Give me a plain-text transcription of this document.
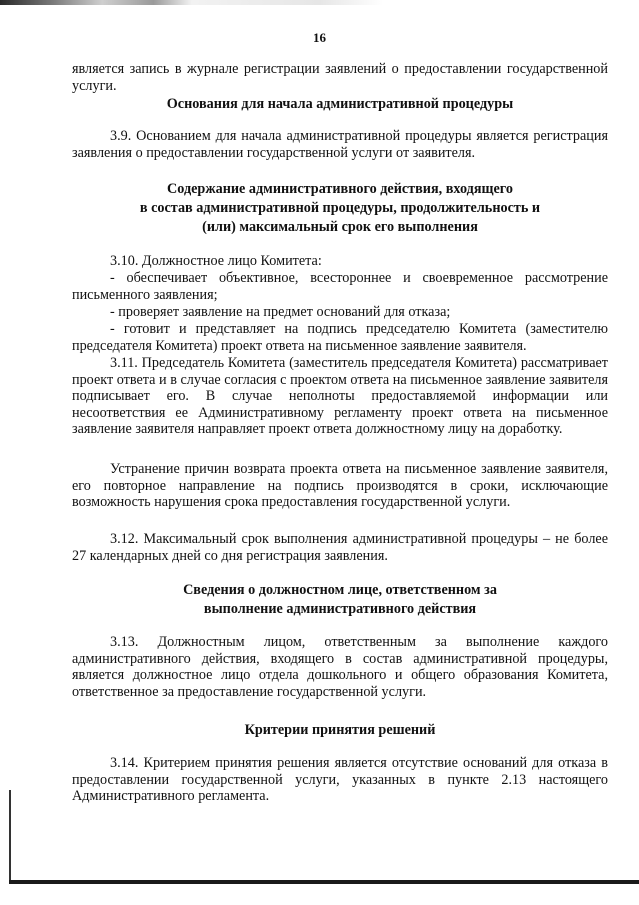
16
является запись в журнале регистрации заявлений о предоставлении государственной услуги.
Основания для начала административной процедуры
3.9. Основанием для начала административной процедуры является регистрация заявления о предоставлении государственной услуги от заявителя.
Содержание административного действия, входящего
в состав административной процедуры, продолжительность и
(или) максимальный срок его выполнения
3.10. Должностное лицо Комитета:
- обеспечивает объективное, всестороннее и своевременное рассмотрение письменного заявления;
- проверяет заявление на предмет оснований для отказа;
- готовит и представляет на подпись председателю Комитета (заместителю председателя Комитета) проект ответа на письменное заявление заявителя.
3.11. Председатель Комитета (заместитель председателя Комитета) рассматривает проект ответа и в случае согласия с проектом ответа на письменное заявление заявителя подписывает его. В случае неполноты предоставляемой информации или несоответствия ее Административному регламенту проект ответа на письменное заявление заявителя направляет проект ответа должностному лицу на доработку.
Устранение причин возврата проекта ответа на письменное заявление заявителя, его повторное направление на подпись производятся в сроки, исключающие возможность нарушения срока предоставления государственной услуги.
3.12. Максимальный срок выполнения административной процедуры – не более 27 календарных дней со дня регистрация заявления.
Сведения о должностном лице, ответственном за
выполнение административного действия
3.13. Должностным лицом, ответственным за выполнение каждого административного действия, входящего в состав административной процедуры, является должностное лицо отдела дошкольного и общего образования Комитета, ответственное за предоставление государственной услуги.
Критерии принятия решений
3.14. Критерием принятия решения является отсутствие оснований для отказа в предоставлении государственной услуги, указанных в пункте 2.13 настоящего Административного регламента.
